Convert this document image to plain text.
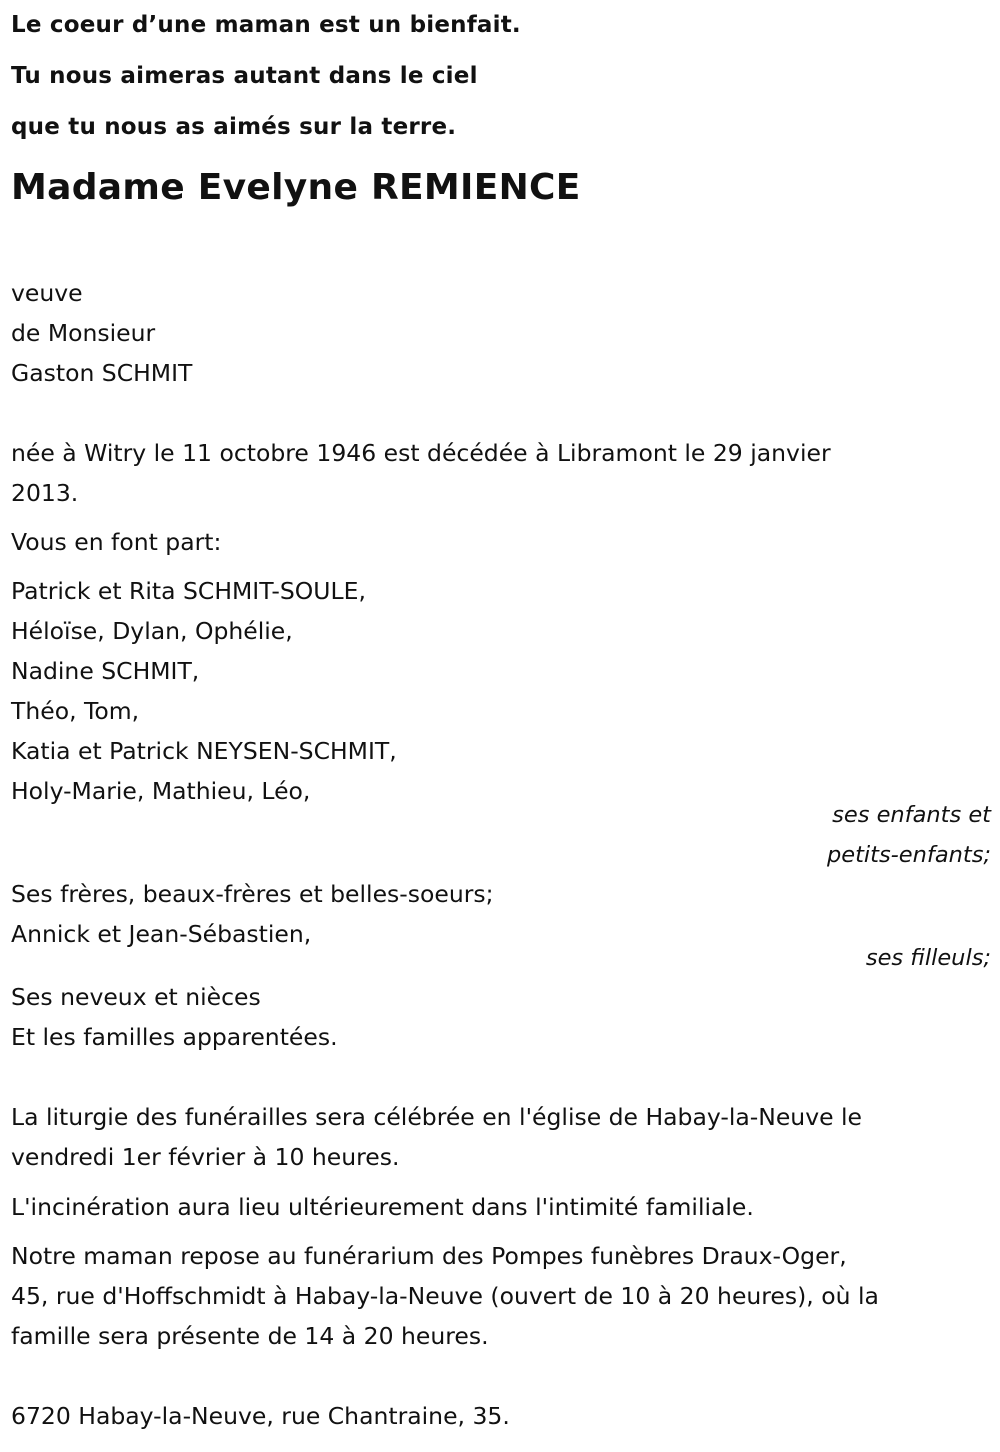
Le coeur d’une maman est un bienfait.
Tu nous aimeras autant dans le ciel
que tu nous as aimés sur la terre.
Madame Evelyne REMIENCE
veuve
de Monsieur
Gaston SCHMIT
née à Witry le 11 octobre 1946 est décédée à Libramont le 29 janvier
2013.
Vous en font part:
Patrick et Rita SCHMIT-SOULE,
Héloïse, Dylan, Ophélie,
Nadine SCHMIT,
Théo, Tom,
Katia et Patrick NEYSEN-SCHMIT,
Holy-Marie, Mathieu, Léo,
ses enfants et
petits-enfants;
Ses frères, beaux-frères et belles-soeurs;
Annick et Jean-Sébastien,
ses filleuls;
Ses neveux et nièces
Et les familles apparentées.
La liturgie des funérailles sera célébrée en l'église de Habay-la-Neuve le
vendredi 1er février à 10 heures.
L'incinération aura lieu ultérieurement dans l'intimité familiale.
Notre maman repose au funérarium des Pompes funèbres Draux-Oger,
45, rue d'Hoffschmidt à Habay-la-Neuve (ouvert de 10 à 20 heures), où la
famille sera présente de 14 à 20 heures.
6720 Habay-la-Neuve, rue Chantraine, 35.
